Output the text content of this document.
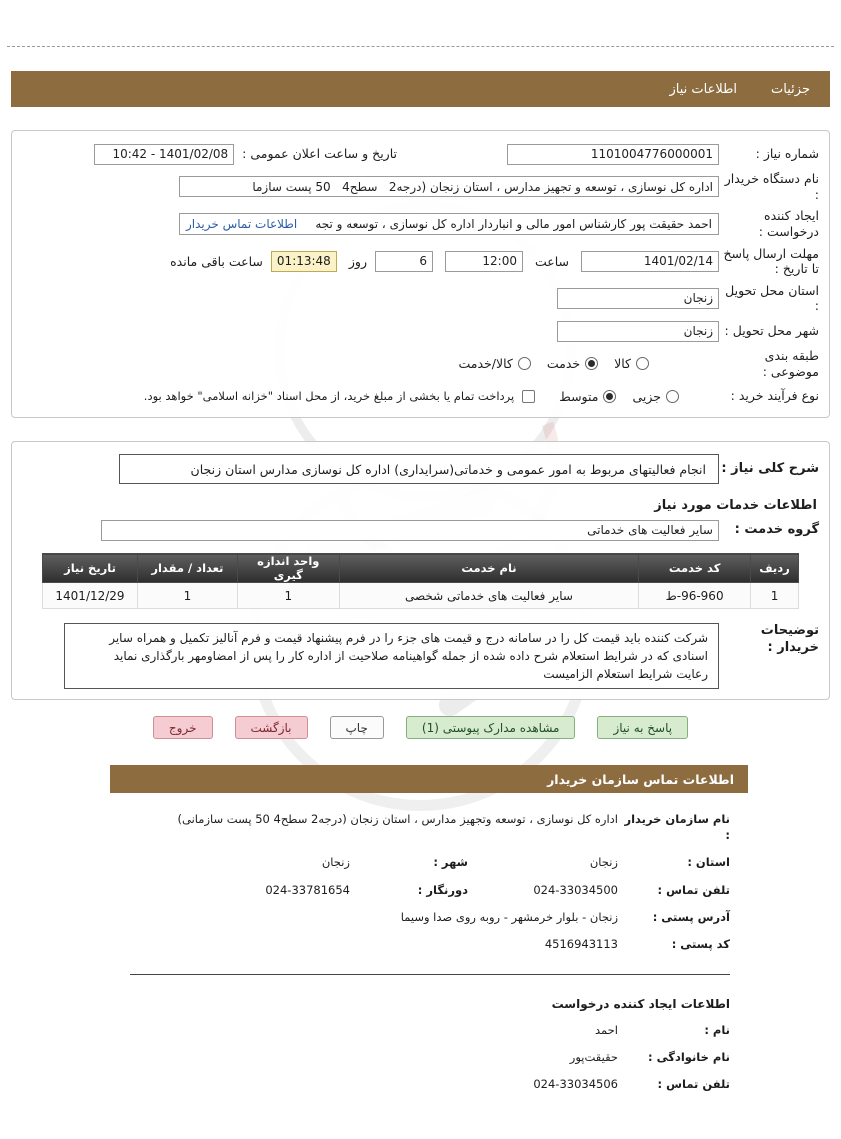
جزئیات
اطلاعات نیاز
شماره نیاز :
1101004776000001
تاریخ و ساعت اعلان عمومی :
1401/02/08 - 10:42
نام دستگاه خریدار :
اداره کل نوسازی ، توسعه و تجهیز مدارس ، استان زنجان (درجه2 سطح4 50 پست سازما
ایجاد کننده درخواست :
احمد حقیقت پور کارشناس امور مالی و انباردار اداره کل نوسازی ، توسعه و تجه
اطلاعات تماس خریدار
مهلت ارسال پاسخ تا تاریخ :
1401/02/14
ساعت
12:00
6
روز
01:13:48
ساعت باقی مانده
استان محل تحویل :
زنجان
شهر محل تحویل :
زنجان
طبقه بندی موضوعی :
کالا
خدمت
کالا/خدمت
نوع فرآیند خرید :
جزیی
متوسط
پرداخت تمام یا بخشی از مبلغ خرید، از محل اسناد "خزانه اسلامی" خواهد بود.
شرح کلی نیاز :
انجام فعالیتهای مربوط به امور عمومی و خدماتی(سرایداری) اداره کل نوسازی مدارس استان زنجان
اطلاعات خدمات مورد نیاز
گروه خدمت :
سایر فعالیت های خدماتی
ردیف	کد خدمت	نام خدمت	واحد اندازه گیری	تعداد / مقدار	تاریخ نیاز
1	ط-96-960	سایر فعالیت های خدماتی شخصی	1	1	1401/12/29
توضیحات خریدار :
شرکت کننده باید قیمت کل را در سامانه درج و قیمت های جزء را در فرم پیشنهاد قیمت و فرم آنالیز تکمیل و همراه سایر اسنادی که در شرایط استعلام شرح داده شده از جمله گواهینامه صلاحیت از اداره کار را پس از امضاومهر بارگذاری نماید
رعایت شرایط استعلام الزامیست
پاسخ به نیاز
مشاهده مدارک پیوستی (1)
چاپ
بازگشت
خروج
اطلاعات تماس سازمان خریدار
نام سازمان خریدار :
اداره کل نوسازی ، توسعه وتجهیز مدارس ، استان زنجان (درجه2 سطح4 50 پست سازمانی)
استان :
زنجان
شهر :
زنجان
تلفن تماس :
024-33034500
دورنگار :
024-33781654
آدرس پستی :
زنجان - بلوار خرمشهر - روبه روی صدا وسیما
کد پستی :
4516943113
اطلاعات ایجاد کننده درخواست
نام :
احمد
نام خانوادگی :
حقیقت‌پور
تلفن تماس :
024-33034506
